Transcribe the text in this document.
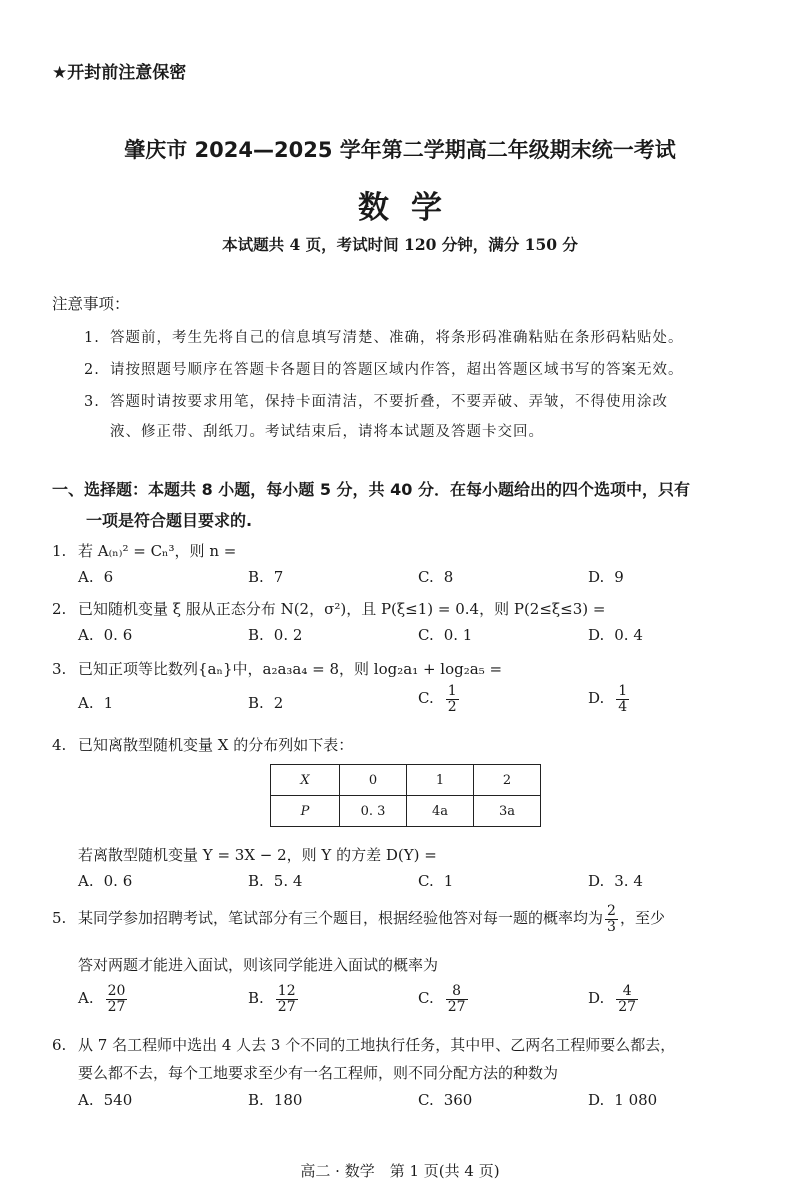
★开封前注意保密
肇庆市 2024—2025 学年第二学期高二年级期末统一考试
数学
本试题共 4 页，考试时间 120 分钟，满分 150 分
注意事项：
1. 答题前，考生先将自己的信息填写清楚、准确，将条形码准确粘贴在条形码粘贴处。
2. 请按照题号顺序在答题卡各题目的答题区域内作答，超出答题区域书写的答案无效。
3. 答题时请按要求用笔，保持卡面清洁，不要折叠，不要弄破、弄皱，不得使用涂改
液、修正带、刮纸刀。考试结束后，请将本试题及答题卡交回。
一、选择题：本题共 8 小题，每小题 5 分，共 40 分．在每小题给出的四个选项中，只有
一项是符合题目要求的.
1. 若 A₍ₙ₎² = Cₙ³，则 n =
A. 6	B. 7	C. 8	D. 9
2. 已知随机变量 ξ 服从正态分布 N(2，σ²)，且 P(ξ≤1) = 0.4，则 P(2≤ξ≤3) =
A. 0. 6	B. 0. 2	C. 0. 1	D. 0. 4
3. 已知正项等比数列{aₙ}中，a₂a₃a₄ = 8，则 log₂a₁ + log₂a₅ =
A. 1	B. 2	C. $\frac{1}{2}$	D. $\frac{1}{4}$
4. 已知离散型随机变量 X 的分布列如下表：
X	0	1	2
P	0. 3	4a	3a
若离散型随机变量 Y = 3X − 2，则 Y 的方差 D(Y) =
A. 0. 6	B. 5. 4	C. 1	D. 3. 4
5. 某同学参加招聘考试，笔试部分有三个题目，根据经验他答对每一题的概率均为 $\frac{2}{3}$ ，至少
答对两题才能进入面试，则该同学能进入面试的概率为
A. $\frac{20}{27}$	B. $\frac{12}{27}$	C. $\frac{8}{27}$	D. $\frac{4}{27}$
6. 从 7 名工程师中选出 4 人去 3 个不同的工地执行任务，其中甲、乙两名工程师要么都去，
要么都不去，每个工地要求至少有一名工程师，则不同分配方法的种数为
A. 540	B. 180	C. 360	D. 1 080
高二 · 数学　第 1 页(共 4 页)
